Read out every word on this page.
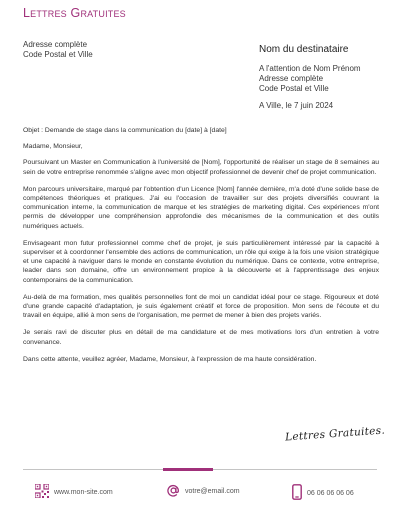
Lettres Gratuites
Adresse complète
Code Postal et Ville	Nom du destinataire
A l'attention de Nom Prénom
Adresse complète
Code Postal et Ville
A Ville, le 7 juin 2024

Objet : Demande de stage dans la communication du [date] à [date]

Madame, Monsieur,

Poursuivant un Master en Communication à l'université de [Nom], l'opportunité de réaliser un stage de 8 semaines au sein de votre entreprise renommée s'aligne avec mon objectif professionnel de devenir chef de projet communication.

Mon parcours universitaire, marqué par l'obtention d'un Licence [Nom] l'année dernière, m'a doté d'une solide base de compétences théoriques et pratiques. J'ai eu l'occasion de travailler sur des projets diversifiés couvrant la communication interne, la communication de marque et les stratégies de marketing digital. Ces expériences m'ont permis de développer une compréhension approfondie des mécanismes de la communication et des outils numériques actuels.

Envisageant mon futur professionnel comme chef de projet, je suis particulièrement intéressé par la capacité à superviser et à coordonner l'ensemble des actions de communication, un rôle qui exige à la fois une vision stratégique et une capacité à naviguer dans le monde en constante évolution du numérique. Dans ce contexte, votre entreprise, leader dans son domaine, offre un environnement propice à la découverte et à l'apprentissage des enjeux contemporains de la communication.

Au-delà de ma formation, mes qualités personnelles font de moi un candidat idéal pour ce stage. Rigoureux et doté d'une grande capacité d'adaptation, je suis également créatif et force de proposition. Mon sens de l'écoute et du travail en équipe, allié à mon sens de l'organisation, me permet de mener à bien des projets variés.

Je serais ravi de discuter plus en détail de ma candidature et de mes motivations lors d'un entretien à votre convenance.

Dans cette attente, veuillez agréer, Madame, Monsieur, à l'expression de ma haute considération.

Lettres Gratuites.
www.mon-site.com	votre@email.com	06 06 06 06 06
